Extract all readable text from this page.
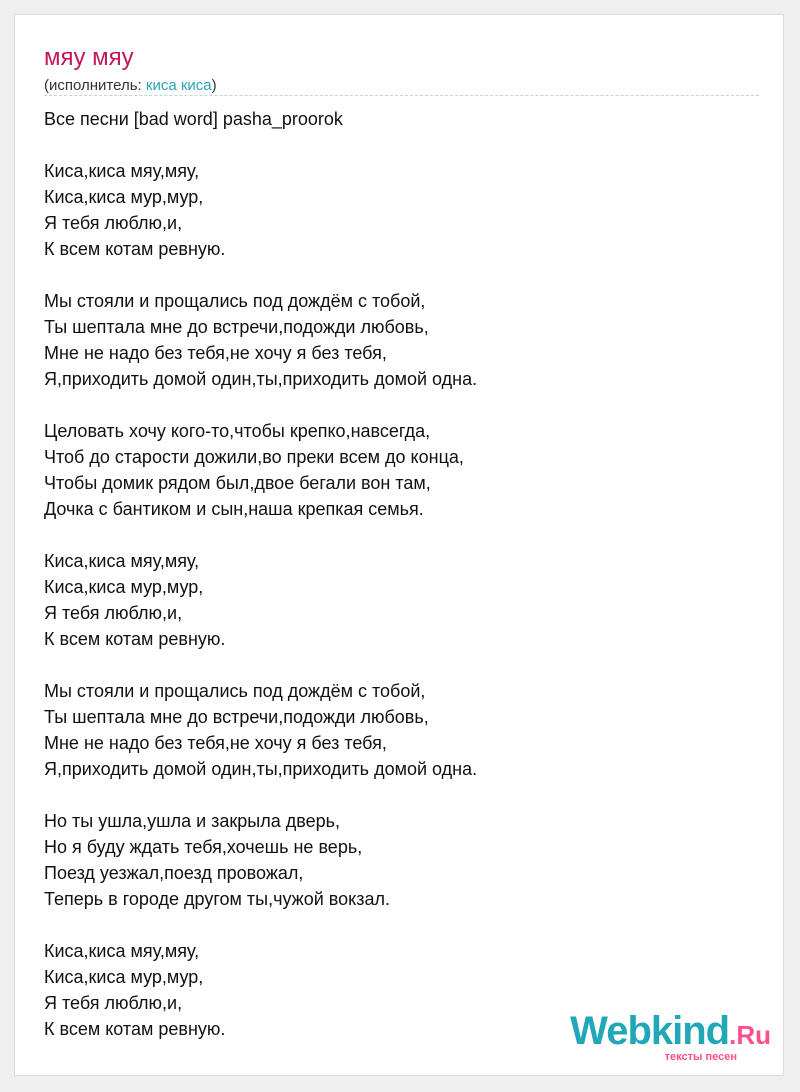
мяу мяу
(исполнитель: киса киса)
Все песни [bad word] pasha_proorok
Киса,киса мяу,мяу,
Киса,киса мур,мур,
Я тебя люблю,и,
К всем котам ревную.
Мы стояли и прощались под дождём с тобой,
Ты шептала мне до встречи,подожди любовь,
Мне не надо без тебя,не хочу я без тебя,
Я,приходить домой один,ты,приходить домой одна.
Целовать хочу кого-то,чтобы крепко,навсегда,
Чтоб до старости дожили,во преки всем до конца,
Чтобы домик рядом был,двое бегали вон там,
Дочка с бантиком и сын,наша крепкая семья.
Киса,киса мяу,мяу,
Киса,киса мур,мур,
Я тебя люблю,и,
К всем котам ревную.
Мы стояли и прощались под дождём с тобой,
Ты шептала мне до встречи,подожди любовь,
Мне не надо без тебя,не хочу я без тебя,
Я,приходить домой один,ты,приходить домой одна.
Но ты ушла,ушла и закрыла дверь,
Но я буду ждать тебя,хочешь не верь,
Поезд уезжал,поезд провожал,
Теперь в городе другом ты,чужой вокзал.
Киса,киса мяу,мяу,
Киса,киса мур,мур,
Я тебя люблю,и,
К всем котам ревную.	Webkind.Ru
тексты песен
